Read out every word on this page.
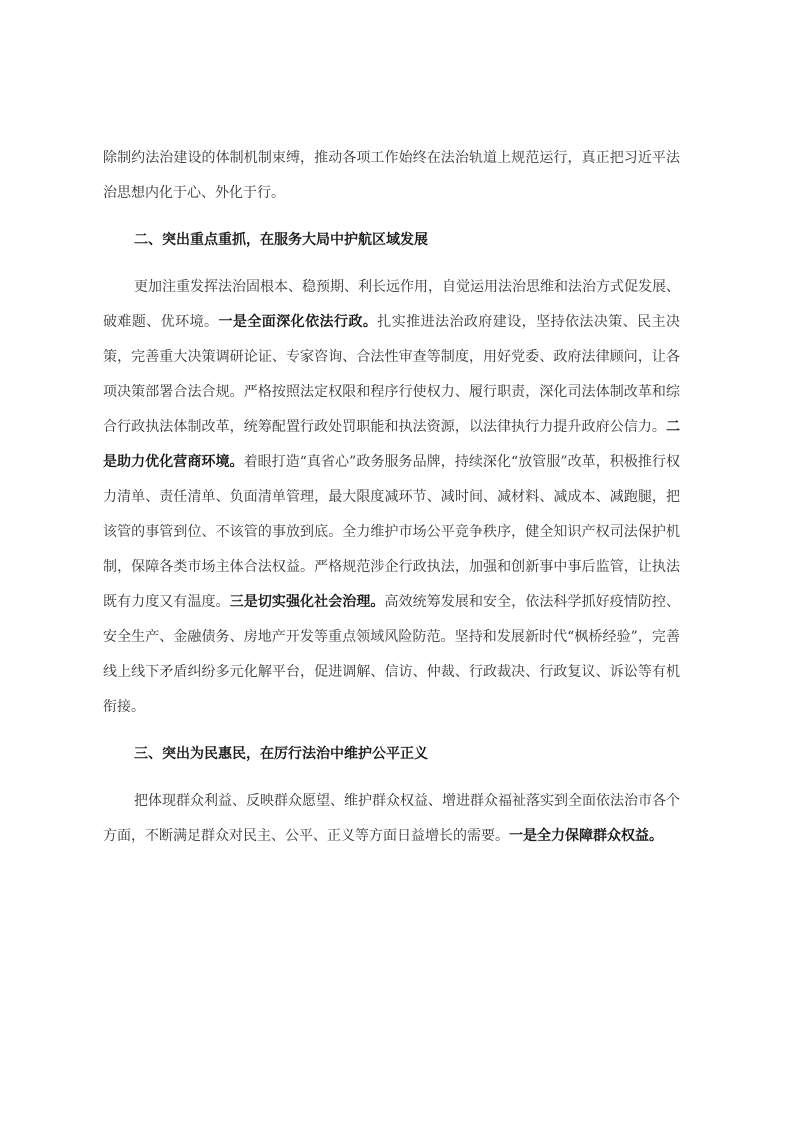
除制约法治建设的体制机制束缚，推动各项工作始终在法治轨道上规范运行，真正把习近平法治思想内化于心、外化于行。

二、突出重点重抓，在服务大局中护航区域发展

更加注重发挥法治固根本、稳预期、利长远作用，自觉运用法治思维和法治方式促发展、破难题、优环境。一是全面深化依法行政。扎实推进法治政府建设，坚持依法决策、民主决策，完善重大决策调研论证、专家咨询、合法性审查等制度，用好党委、政府法律顾问，让各项决策部署合法合规。严格按照法定权限和程序行使权力、履行职责，深化司法体制改革和综合行政执法体制改革，统筹配置行政处罚职能和执法资源，以法律执行力提升政府公信力。二是助力优化营商环境。着眼打造“真省心”政务服务品牌，持续深化“放管服”改革，积极推行权力清单、责任清单、负面清单管理，最大限度减环节、减时间、减材料、减成本、减跑腿，把该管的事管到位、不该管的事放到底。全力维护市场公平竞争秩序，健全知识产权司法保护机制，保障各类市场主体合法权益。严格规范涉企行政执法，加强和创新事中事后监管，让执法既有力度又有温度。三是切实强化社会治理。高效统筹发展和安全，依法科学抓好疫情防控、安全生产、金融债务、房地产开发等重点领域风险防范。坚持和发展新时代“枫桥经验”，完善线上线下矛盾纠纷多元化解平台，促进调解、信访、仲裁、行政裁决、行政复议、诉讼等有机衔接。

三、突出为民惠民，在厉行法治中维护公平正义

把体现群众利益、反映群众愿望、维护群众权益、增进群众福祉落实到全面依法治市各个方面，不断满足群众对民主、公平、正义等方面日益增长的需要。一是全力保障群众权益。
